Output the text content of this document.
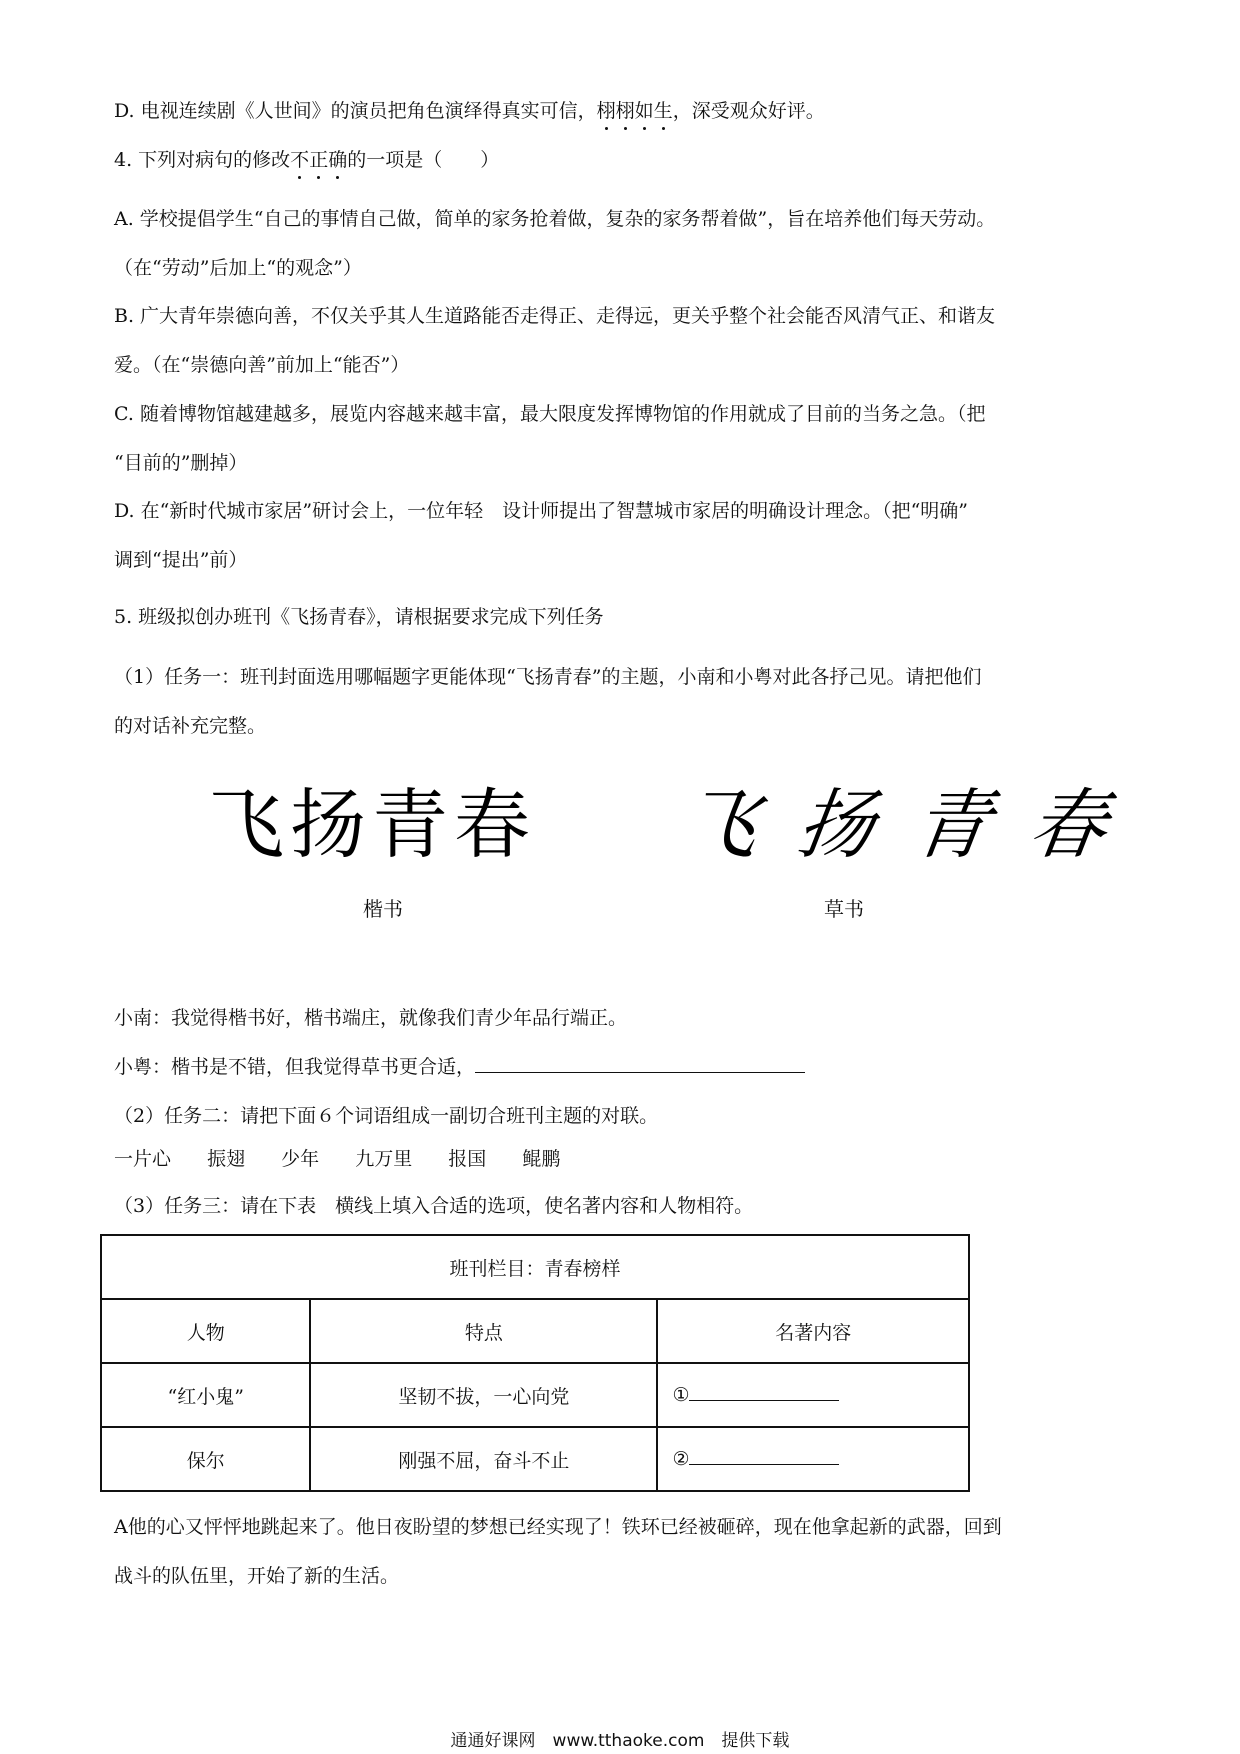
D. 电视连续剧《人世间》的演员把角色演绎得真实可信，栩栩如生，深受观众好评。
4. 下列对病句的修改不正确的一项是（　　）
A. 学校提倡学生“自己的事情自己做，简单的家务抢着做，复杂的家务帮着做”，旨在培养他们每天劳动。
（在“劳动”后加上“的观念”）
B. 广大青年崇德向善，不仅关乎其人生道路能否走得正、走得远，更关乎整个社会能否风清气正、和谐友
爱。（在“崇德向善”前加上“能否”）
C. 随着博物馆越建越多，展览内容越来越丰富，最大限度发挥博物馆的作用就成了目前的当务之急。（把
“目前的”删掉）
D. 在“新时代城市家居”研讨会上，一位年轻　设计师提出了智慧城市家居的明确设计理念。（把“明确”
调到“提出”前）
5. 班级拟创办班刊《飞扬青春》，请根据要求完成下列任务
（1）任务一：班刊封面选用哪幅题字更能体现“飞扬青春”的主题，小南和小粤对此各抒己见。请把他们
的对话补充完整。
飞扬青春 飞扬青春
楷书	草书
小南：我觉得楷书好，楷书端庄，就像我们青少年品行端正。
小粤：楷书是不错，但我觉得草书更合适，
（2）任务二：请把下面６个词语组成一副切合班刊主题的对联。
一片心 振翅 少年 九万里 报国 鲲鹏
（3）任务三：请在下表　横线上填入合适的选项，使名著内容和人物相符。
班刊栏目：青春榜样		
人物	特点	名著内容
“红小鬼”	坚韧不拔，一心向党	①
保尔	刚强不屈，奋斗不止	②
A他的心又怦怦地跳起来了。他日夜盼望的梦想已经实现了！铁环已经被砸碎，现在他拿起新的武器，回到
战斗的队伍里，开始了新的生活。
通通好课网　www.tthaoke.com　提供下载
